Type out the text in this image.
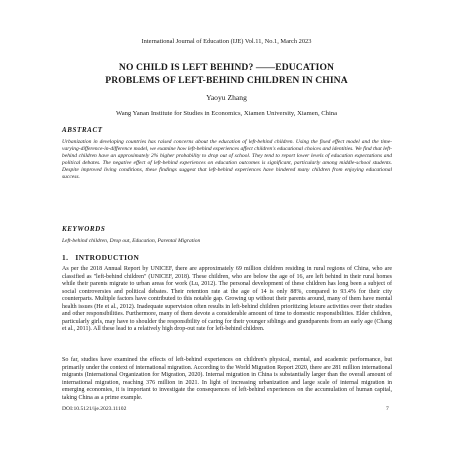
International Journal of Education (IJE) Vol.11, No.1, March 2023
NO CHILD IS LEFT BEHIND? ——EDUCATION
PROBLEMS OF LEFT-BEHIND CHILDREN IN CHINA
Yaoyu Zhang
Wang Yanan Institute for Studies in Economics, Xiamen University, Xiamen, China
ABSTRACT
Urbanization in developing countries has raised concerns about the education of left-behind children. Using the fixed effect model and the time-varying-difference-in-difference model, we examine how left-behind experiences affect children's educational choices and identities. We find that left-behind children have an approximately 2% higher probability to drop out of school. They tend to report lower levels of education expectations and political debates. The negative effect of left-behind experiences on education outcomes is significant, particularly among middle-school students. Despite improved living conditions, these findings suggest that left-behind experiences have hindered many children from enjoying educational success.
KEYWORDS
Left-behind children, Drop out, Education, Parental Migration
1. INTRODUCTION
As per the 2018 Annual Report by UNICEF, there are approximately 69 million children residing in rural regions of China, who are classified as "left-behind children" (UNICEF, 2018). These children, who are below the age of 16, are left behind in their rural homes while their parents migrate to urban areas for work (Lu, 2012). The personal development of these children has long been a subject of social controversies and political debates. Their retention rate at the age of 14 is only 88%, compared to 93.4% for their city counterparts. Multiple factors have contributed to this notable gap. Growing up without their parents around, many of them have mental health issues (He et al., 2012). Inadequate supervision often results in left-behind children prioritizing leisure activities over their studies and other responsibilities. Furthermore, many of them devote a considerable amount of time to domestic responsibilities. Elder children, particularly girls, may have to shoulder the responsibility of caring for their younger siblings and grandparents from an early age (Chang et al., 2011). All these lead to a relatively high drop-out rate for left-behind children.
So far, studies have examined the effects of left-behind experiences on children's physical, mental, and academic performance, but primarily under the context of international migration. According to the World Migration Report 2020, there are 281 million international migrants (International Organization for Migration, 2020). Internal migration in China is substantially larger than the overall amount of international migration, reaching 376 million in 2021. In light of increasing urbanization and large scale of internal migration in emerging economies, it is important to investigate the consequences of left-behind experiences on the accumulation of human capital, taking China as a prime example.
DOI:10.5121/ije.2023.11102	7
